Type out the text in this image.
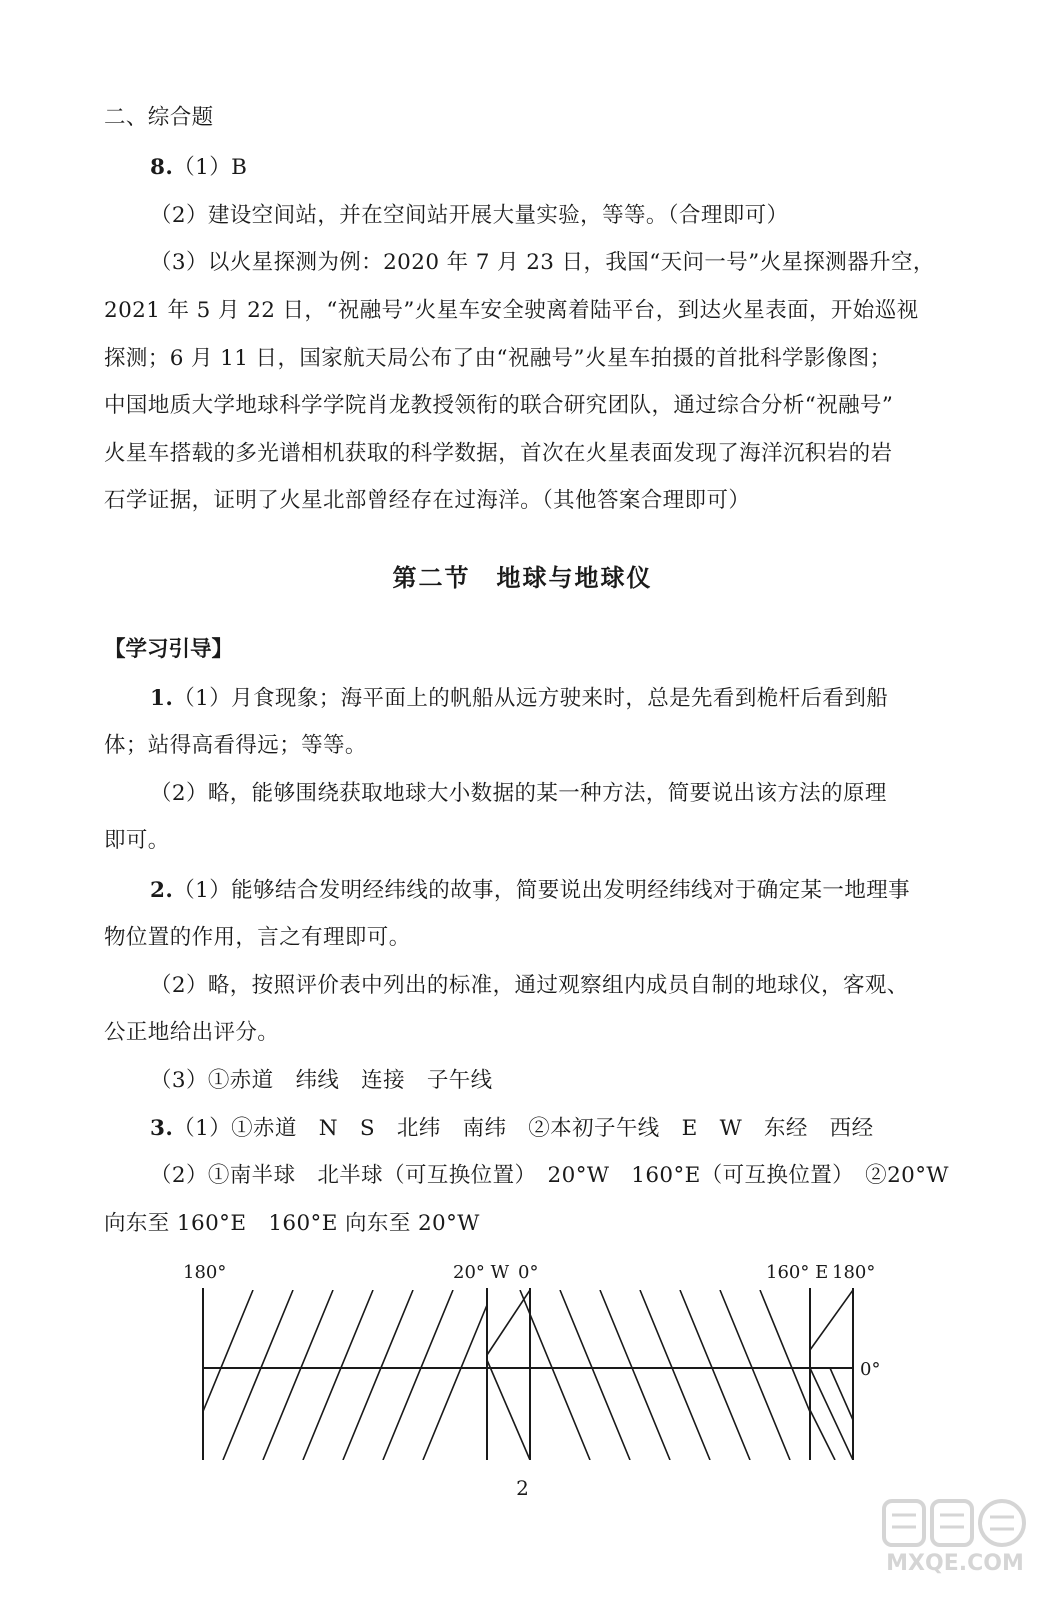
二、综合题
8.（1）B
（2）建设空间站，并在空间站开展大量实验，等等。（合理即可）
（3）以火星探测为例：2020 年 7 月 23 日，我国“天问一号”火星探测器升空，
2021 年 5 月 22 日，“祝融号”火星车安全驶离着陆平台，到达火星表面，开始巡视
探测；6 月 11 日，国家航天局公布了由“祝融号”火星车拍摄的首批科学影像图；
中国地质大学地球科学学院肖龙教授领衔的联合研究团队，通过综合分析“祝融号”
火星车搭载的多光谱相机获取的科学数据，首次在火星表面发现了海洋沉积岩的岩
石学证据，证明了火星北部曾经存在过海洋。（其他答案合理即可）
第二节　地球与地球仪
【学习引导】
1.（1）月食现象；海平面上的帆船从远方驶来时，总是先看到桅杆后看到船
体；站得高看得远；等等。
（2）略，能够围绕获取地球大小数据的某一种方法，简要说出该方法的原理
即可。
2.（1）能够结合发明经纬线的故事，简要说出发明经纬线对于确定某一地理事
物位置的作用，言之有理即可。
（2）略，按照评价表中列出的标准，通过观察组内成员自制的地球仪，客观、
公正地给出评分。
（3）①赤道　纬线　连接　子午线
3.（1）①赤道　N　S　北纬　南纬　②本初子午线　E　W　东经　西经
（2）①南半球　北半球（可互换位置）　20°W　160°E（可互换位置）　②20°W
向东至 160°E　160°E 向东至 20°W
180°	20° W 0°	160° E 180°
0°
2
MXQE.COM
